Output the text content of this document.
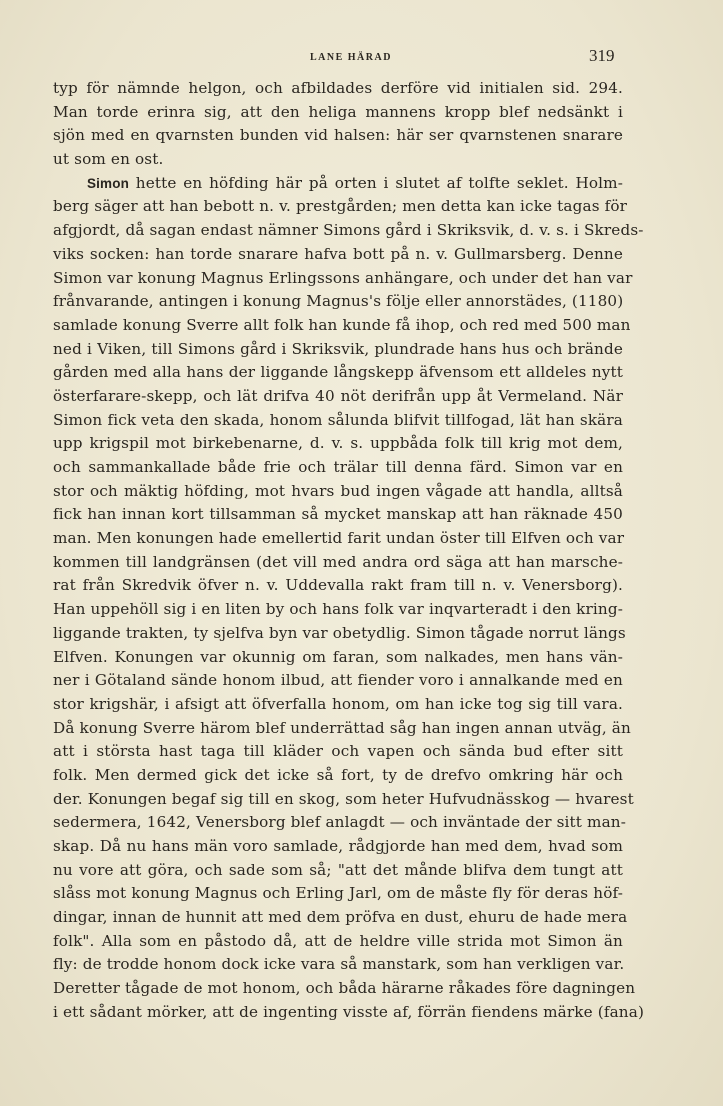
LANE HÄRAD	319
typ för nämnde helgon, och afbildades derföre vid initialen sid. 294.
Man torde erinra sig, att den heliga mannens kropp blef nedsänkt i
sjön med en qvarnsten bunden vid halsen: här ser qvarnstenen snarare
ut som en ost.
Simon hette en höfding här på orten i slutet af tolfte seklet. Holm-
berg säger att han bebott n. v. prestgården; men detta kan icke tagas för
afgjordt, då sagan endast nämner Simons gård i Skriksvik, d. v. s. i Skreds-
viks socken: han torde snarare hafva bott på n. v. Gullmarsberg. Denne
Simon var konung Magnus Erlingssons anhängare, och under det han var
frånvarande, antingen i konung Magnus's följe eller annorstädes, (1180)
samlade konung Sverre allt folk han kunde få ihop, och red med 500 man
ned i Viken, till Simons gård i Skriksvik, plundrade hans hus och brände
gården med alla hans der liggande långskepp äfvensom ett alldeles nytt
österfarare-skepp, och lät drifva 40 nöt derifrån upp åt Vermeland. När
Simon fick veta den skada, honom sålunda blifvit tillfogad, lät han skära
upp krigspil mot birkebenarne, d. v. s. uppbåda folk till krig mot dem,
och sammankallade både frie och trälar till denna färd. Simon var en
stor och mäktig höfding, mot hvars bud ingen vågade att handla, alltså
fick han innan kort tillsamman så mycket manskap att han räknade 450
man. Men konungen hade emellertid farit undan öster till Elfven och var
kommen till landgränsen (det vill med andra ord säga att han marsche-
rat från Skredvik öfver n. v. Uddevalla rakt fram till n. v. Venersborg).
Han uppehöll sig i en liten by och hans folk var inqvarteradt i den kring-
liggande trakten, ty sjelfva byn var obetydlig. Simon tågade norrut längs
Elfven. Konungen var okunnig om faran, som nalkades, men hans vän-
ner i Götaland sände honom ilbud, att fiender voro i annalkande med en
stor krigshär, i afsigt att öfverfalla honom, om han icke tog sig till vara.
Då konung Sverre härom blef underrättad såg han ingen annan utväg, än
att i största hast taga till kläder och vapen och sända bud efter sitt
folk. Men dermed gick det icke så fort, ty de drefvo omkring här och
der. Konungen begaf sig till en skog, som heter Hufvudnässkog — hvarest
sedermera, 1642, Venersborg blef anlagdt — och inväntade der sitt man-
skap. Då nu hans män voro samlade, rådgjorde han med dem, hvad som
nu vore att göra, och sade som så; "att det månde blifva dem tungt att
slåss mot konung Magnus och Erling Jarl, om de måste fly för deras höf-
dingar, innan de hunnit att med dem pröfva en dust, ehuru de hade mera
folk". Alla som en påstodo då, att de heldre ville strida mot Simon än
fly: de trodde honom dock icke vara så manstark, som han verkligen var.
Deretter tågade de mot honom, och båda härarne råkades före dagningen
i ett sådant mörker, att de ingenting visste af, förrän fiendens märke (fana)
